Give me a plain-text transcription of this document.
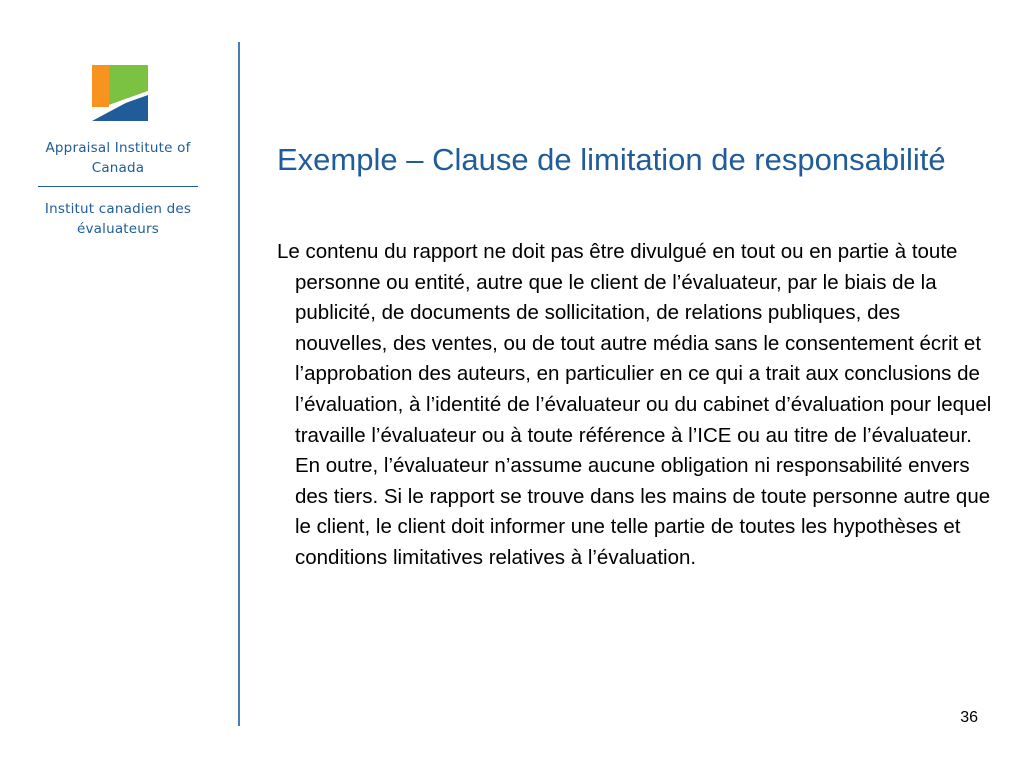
Appraisal Institute of Canada
Institut canadien des évaluateurs
Exemple – Clause de limitation de responsabilité

Le contenu du rapport ne doit pas être divulgué en tout ou en partie à toute personne ou entité, autre que le client de l’évaluateur, par le biais de la publicité, de documents de sollicitation, de relations publiques, des nouvelles, des ventes, ou de tout autre média sans le consentement écrit et l’approbation des auteurs, en particulier en ce qui a trait aux conclusions de l’évaluation, à l’identité de l’évaluateur ou du cabinet d’évaluation pour lequel travaille l’évaluateur ou à toute référence à l’ICE ou au titre de l’évaluateur. En outre, l’évaluateur n’assume aucune obligation ni responsabilité envers des tiers. Si le rapport se trouve dans les mains de toute personne autre que le client, le client doit informer une telle partie de toutes les hypothèses et conditions limitatives relatives à l’évaluation.

36
